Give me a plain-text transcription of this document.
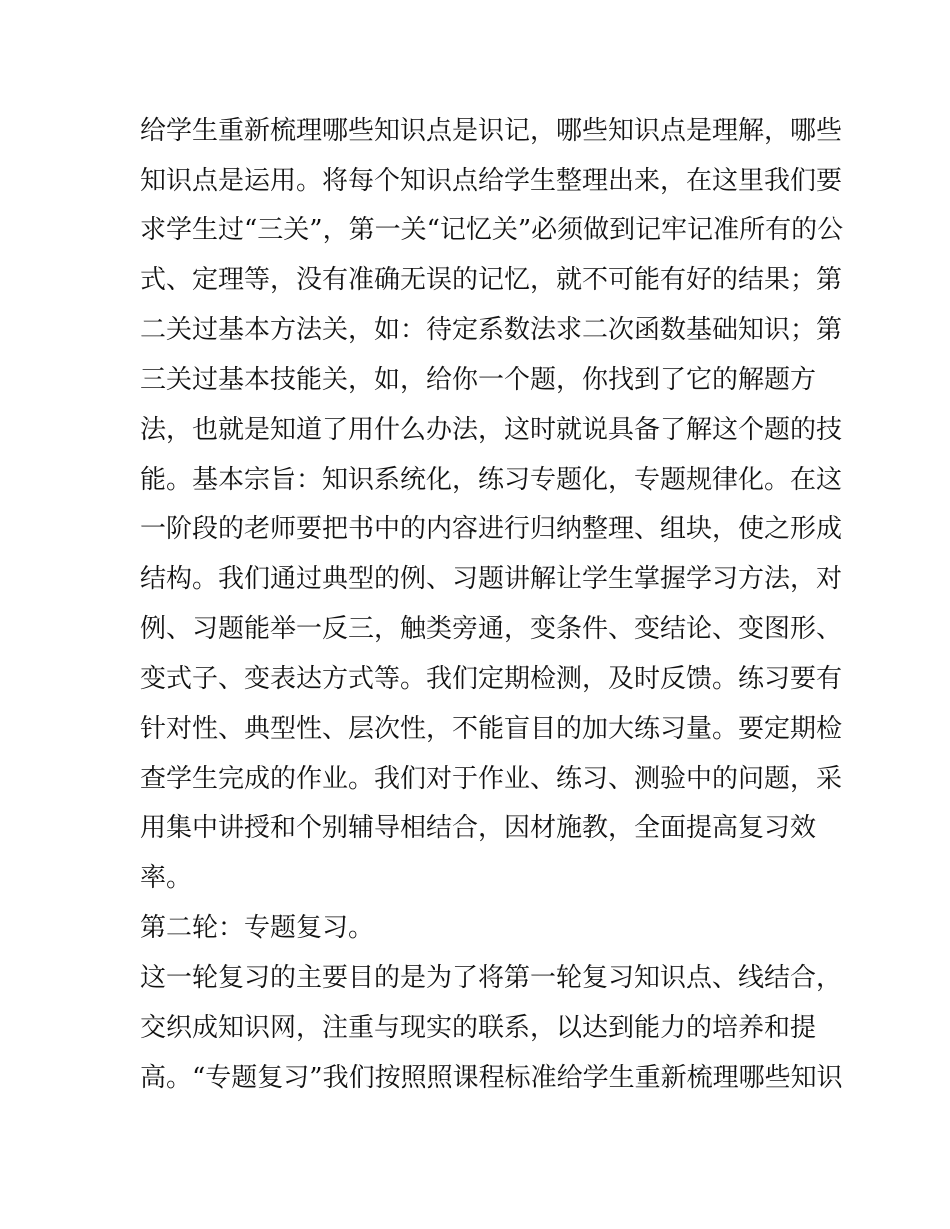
给学生重新梳理哪些知识点是识记，哪些知识点是理解，哪些
知识点是运用。将每个知识点给学生整理出来，在这里我们要
求学生过“三关”，第一关“记忆关”必须做到记牢记准所有的公
式、定理等，没有准确无误的记忆，就不可能有好的结果；第
二关过基本方法关，如：待定系数法求二次函数基础知识；第
三关过基本技能关，如，给你一个题，你找到了它的解题方
法，也就是知道了用什么办法，这时就说具备了解这个题的技
能。基本宗旨：知识系统化，练习专题化，专题规律化。在这
一阶段的老师要把书中的内容进行归纳整理、组块，使之形成
结构。我们通过典型的例、习题讲解让学生掌握学习方法，对
例、习题能举一反三，触类旁通，变条件、变结论、变图形、
变式子、变表达方式等。我们定期检测，及时反馈。练习要有
针对性、典型性、层次性，不能盲目的加大练习量。要定期检
查学生完成的作业。我们对于作业、练习、测验中的问题，采
用集中讲授和个别辅导相结合，因材施教，全面提高复习效
率。
第二轮：专题复习。
这一轮复习的主要目的是为了将第一轮复习知识点、线结合，
交织成知识网，注重与现实的联系，以达到能力的培养和提
高。“专题复习”我们按照照课程标准给学生重新梳理哪些知识
